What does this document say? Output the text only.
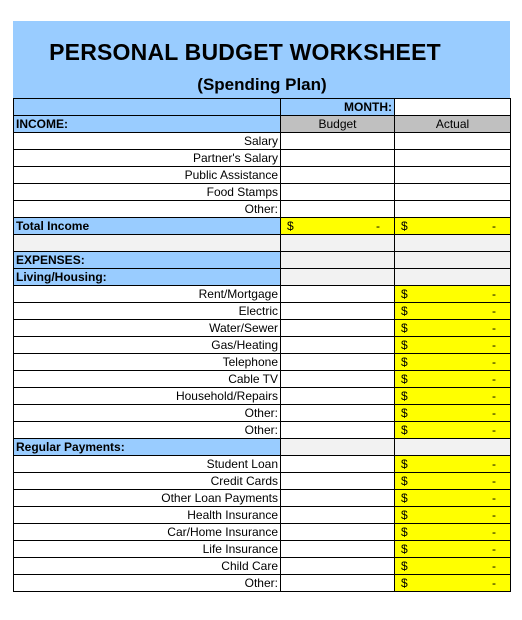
PERSONAL BUDGET WORKSHEET
(Spending Plan)
	MONTH:	
INCOME:	Budget	Actual
Salary		
Partner's Salary		
Public Assistance		
Food Stamps		
Other:		
Total Income	$ -	$ -

EXPENSES:		
Living/Housing:		
Rent/Mortgage		$ -

Electric		$ -

Water/Sewer		$ -

Gas/Heating		$ -

Telephone		$ -

Cable TV		$ -

Household/Repairs		$ -

Other:		$ -

Other:		$ -

Regular Payments:		
Student Loan		$ -

Credit Cards		$ -

Other Loan Payments		$ -

Health Insurance		$ -

Car/Home Insurance		$ -

Life Insurance		$ -

Child Care		$ -

Other:		$ -
